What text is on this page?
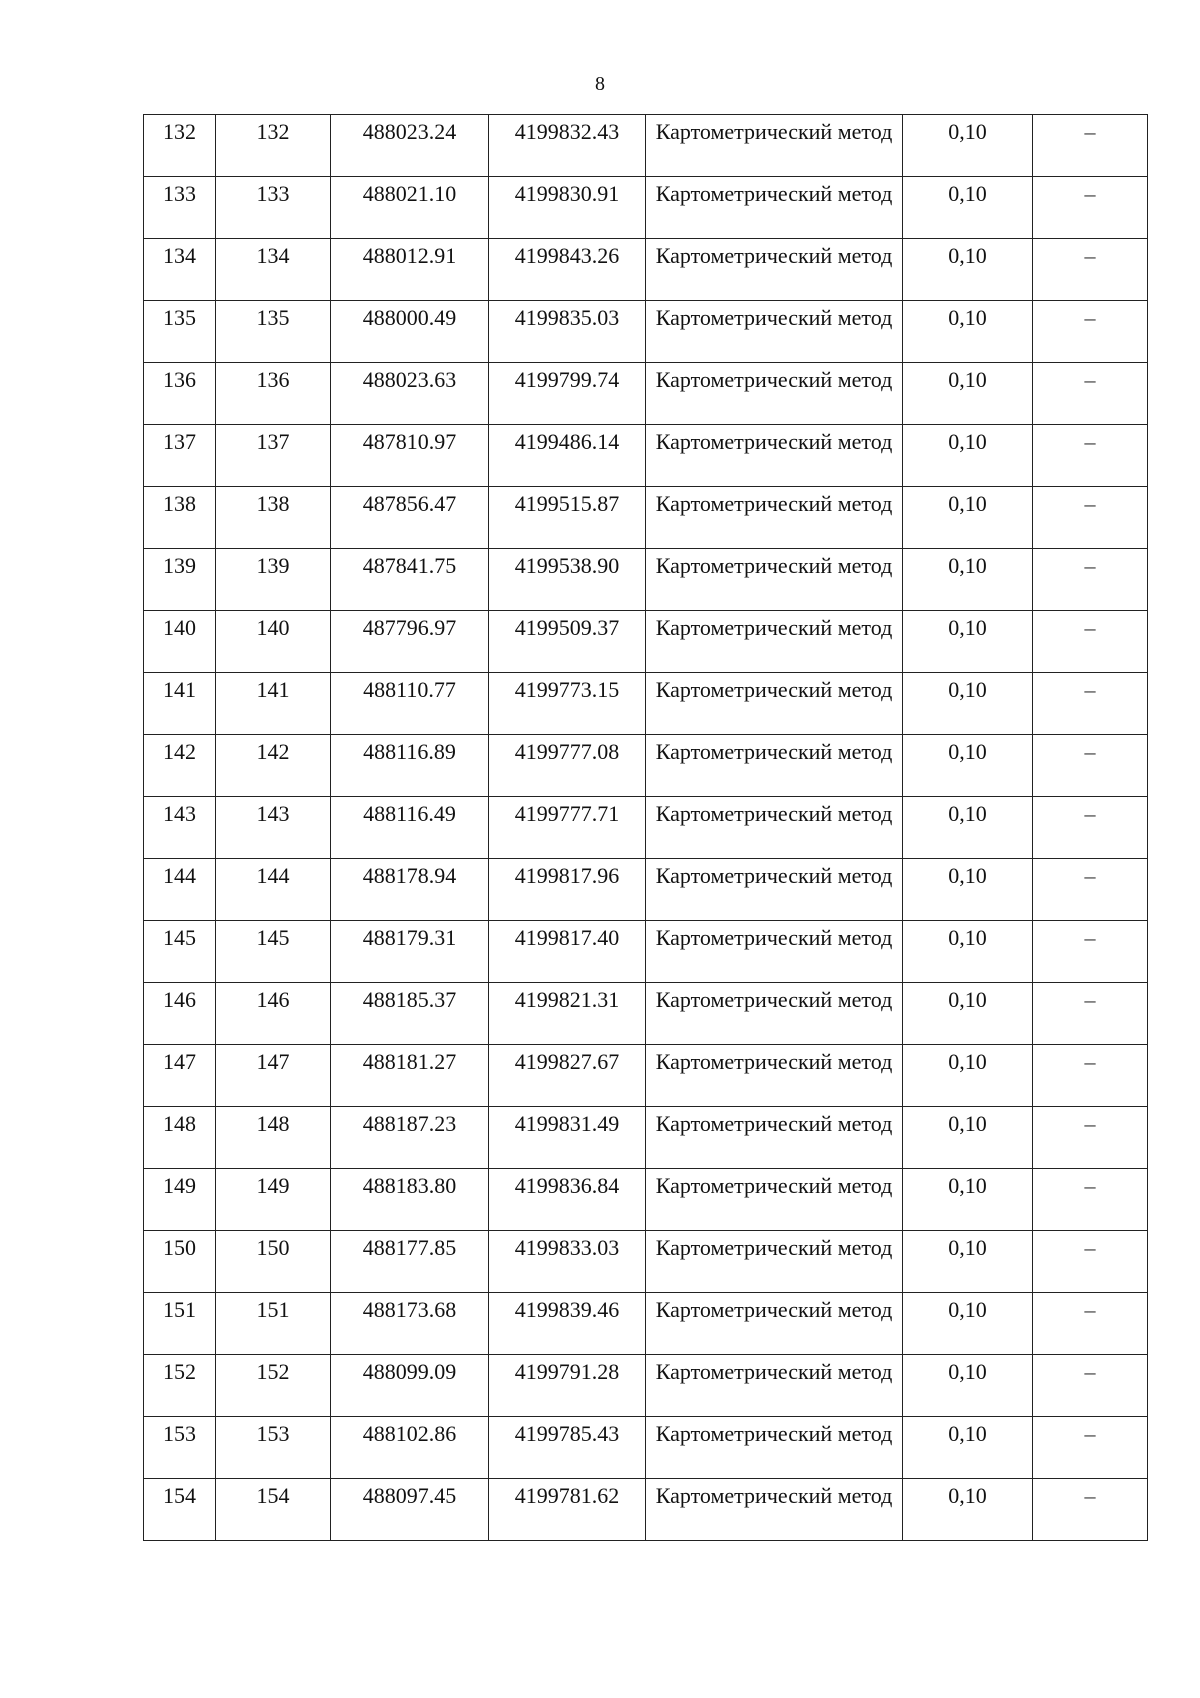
8
132	132	488023.24	4199832.43	Картометрический метод	0,10	–
133	133	488021.10	4199830.91	Картометрический метод	0,10	–
134	134	488012.91	4199843.26	Картометрический метод	0,10	–
135	135	488000.49	4199835.03	Картометрический метод	0,10	–
136	136	488023.63	4199799.74	Картометрический метод	0,10	–
137	137	487810.97	4199486.14	Картометрический метод	0,10	–
138	138	487856.47	4199515.87	Картометрический метод	0,10	–
139	139	487841.75	4199538.90	Картометрический метод	0,10	–
140	140	487796.97	4199509.37	Картометрический метод	0,10	–
141	141	488110.77	4199773.15	Картометрический метод	0,10	–
142	142	488116.89	4199777.08	Картометрический метод	0,10	–
143	143	488116.49	4199777.71	Картометрический метод	0,10	–
144	144	488178.94	4199817.96	Картометрический метод	0,10	–
145	145	488179.31	4199817.40	Картометрический метод	0,10	–
146	146	488185.37	4199821.31	Картометрический метод	0,10	–
147	147	488181.27	4199827.67	Картометрический метод	0,10	–
148	148	488187.23	4199831.49	Картометрический метод	0,10	–
149	149	488183.80	4199836.84	Картометрический метод	0,10	–
150	150	488177.85	4199833.03	Картометрический метод	0,10	–
151	151	488173.68	4199839.46	Картометрический метод	0,10	–
152	152	488099.09	4199791.28	Картометрический метод	0,10	–
153	153	488102.86	4199785.43	Картометрический метод	0,10	–
154	154	488097.45	4199781.62	Картометрический метод	0,10	–
